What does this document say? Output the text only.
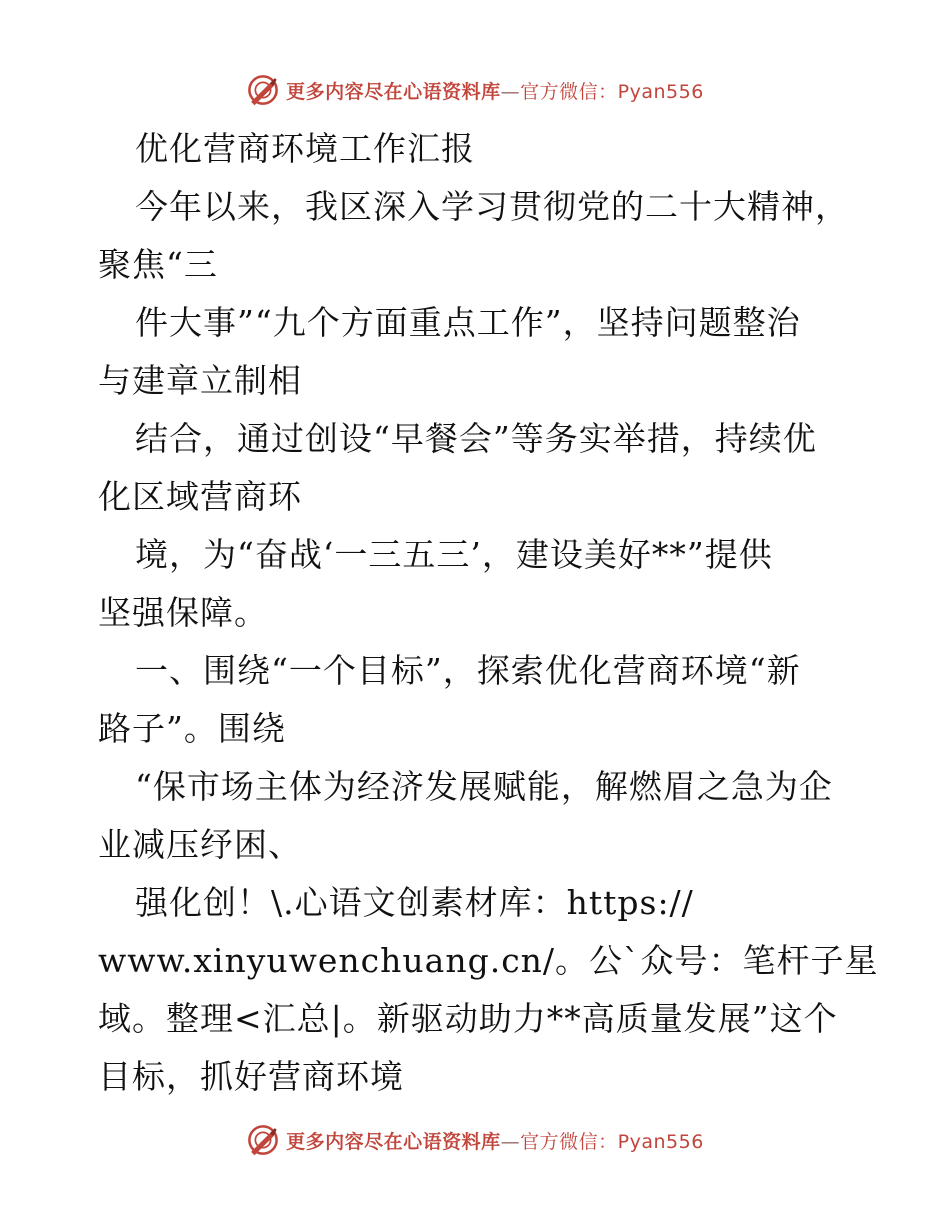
更多内容尽在心语资料库—官方微信：Pyan556
优化营商环境工作汇报
今年以来，我区深入学习贯彻党的二十大精神，
聚焦“三
件大事”“九个方面重点工作”，坚持问题整治
与建章立制相
结合，通过创设“早餐会”等务实举措，持续优
化区域营商环
境，为“奋战‘一三五三’，建设美好**”提供
坚强保障。
一、围绕“一个目标”，探索优化营商环境“新
路子”。围绕
“保市场主体为经济发展赋能，解燃眉之急为企
业减压纾困、
强化创！\.心语文创素材库：https://
www.xinyuwenchuang.cn/。公`众号：笔杆子星
域。整理<汇总|。新驱动助力**高质量发展”这个
目标，抓好营商环境
更多内容尽在心语资料库—官方微信：Pyan556
